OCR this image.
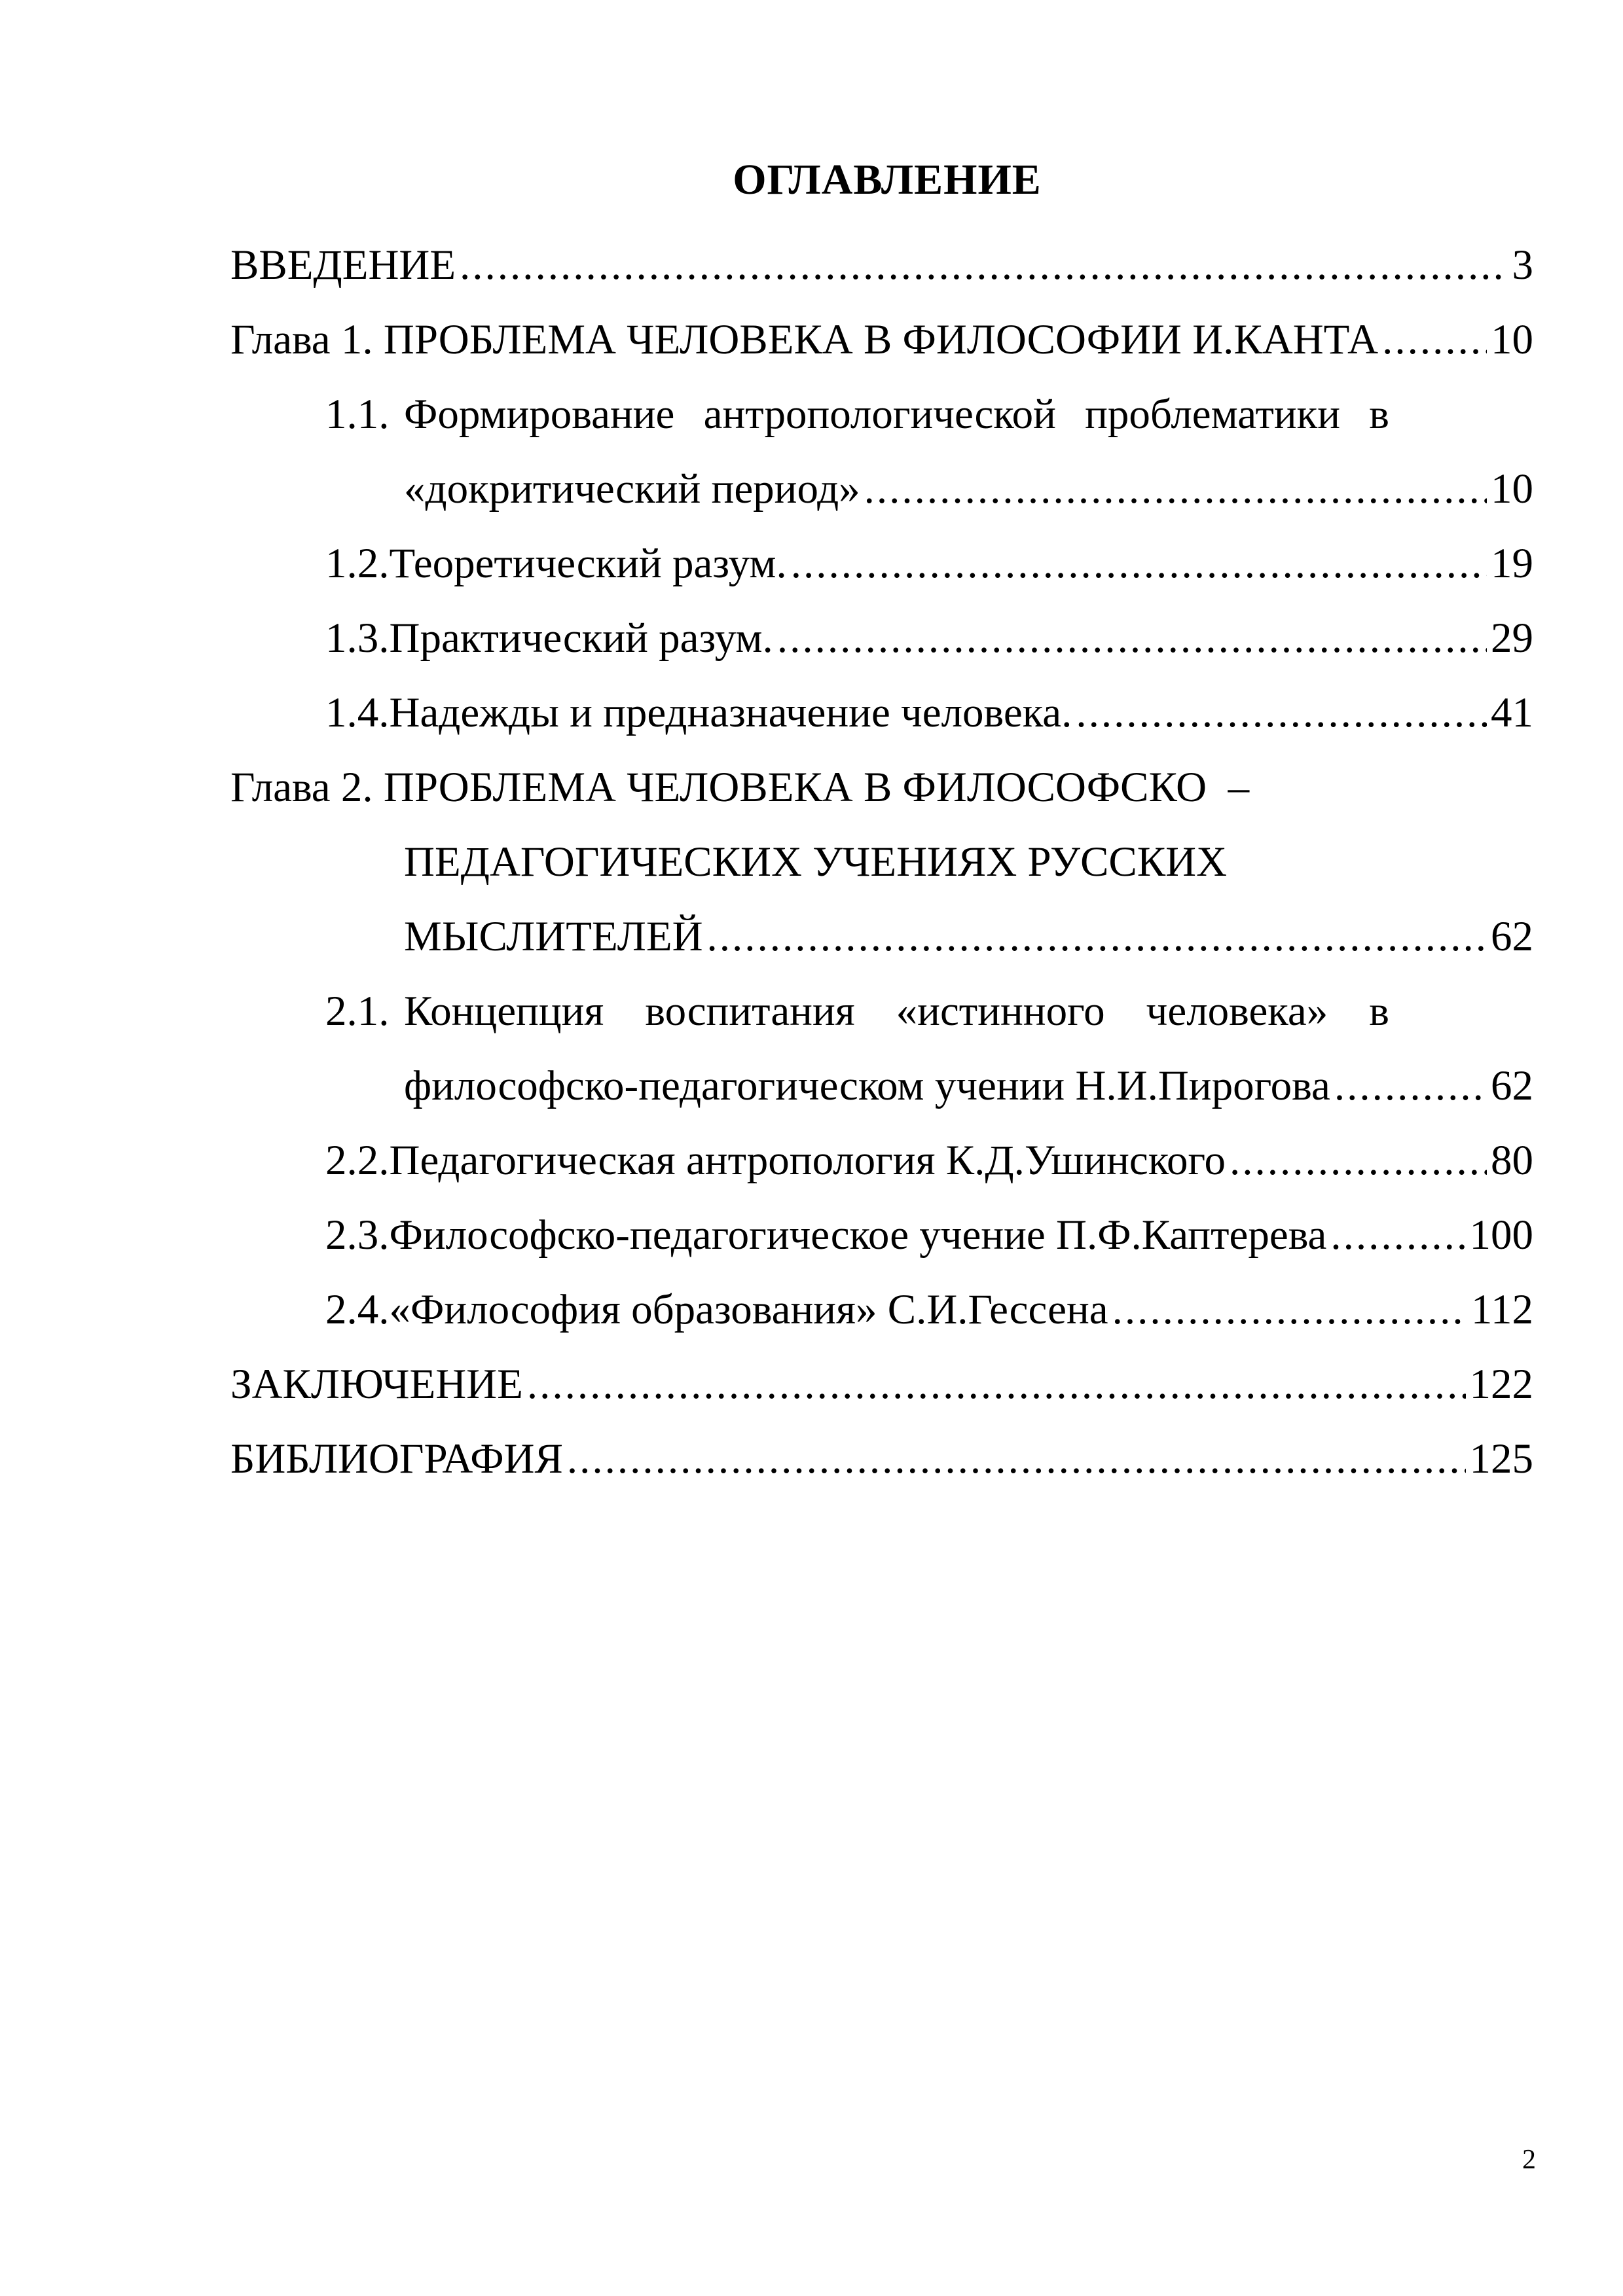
ОГЛАВЛЕНИЕ
ВВЕДЕНИЕ .....	3
Глава 1. ПРОБЛЕМА ЧЕЛОВЕКА В ФИЛОСОФИИ И.КАНТА .....	10
1.1. Формирование антропологической проблематики в
«докритический период» .....	10
1.2. Теоретический разум. .....	19
1.3. Практический разум. .....	29
1.4. Надежды и предназначение человека. .....	41
Глава 2. ПРОБЛЕМА ЧЕЛОВЕКА В ФИЛОСОФСКО  –
ПЕДАГОГИЧЕСКИХ УЧЕНИЯХ РУССКИХ
МЫСЛИТЕЛЕЙ .....	62
2.1. Концепция воспитания «истинного человека» в
философско-педагогическом учении Н.И.Пирогова .....	62
2.2. Педагогическая антропология К.Д.Ушинского .....	80
2.3. Философско-педагогическое учение П.Ф.Каптерева .....	100
2.4. «Философия образования» С.И.Гессена .....	112
ЗАКЛЮЧЕНИЕ .....	122
БИБЛИОГРАФИЯ .....	125
2
